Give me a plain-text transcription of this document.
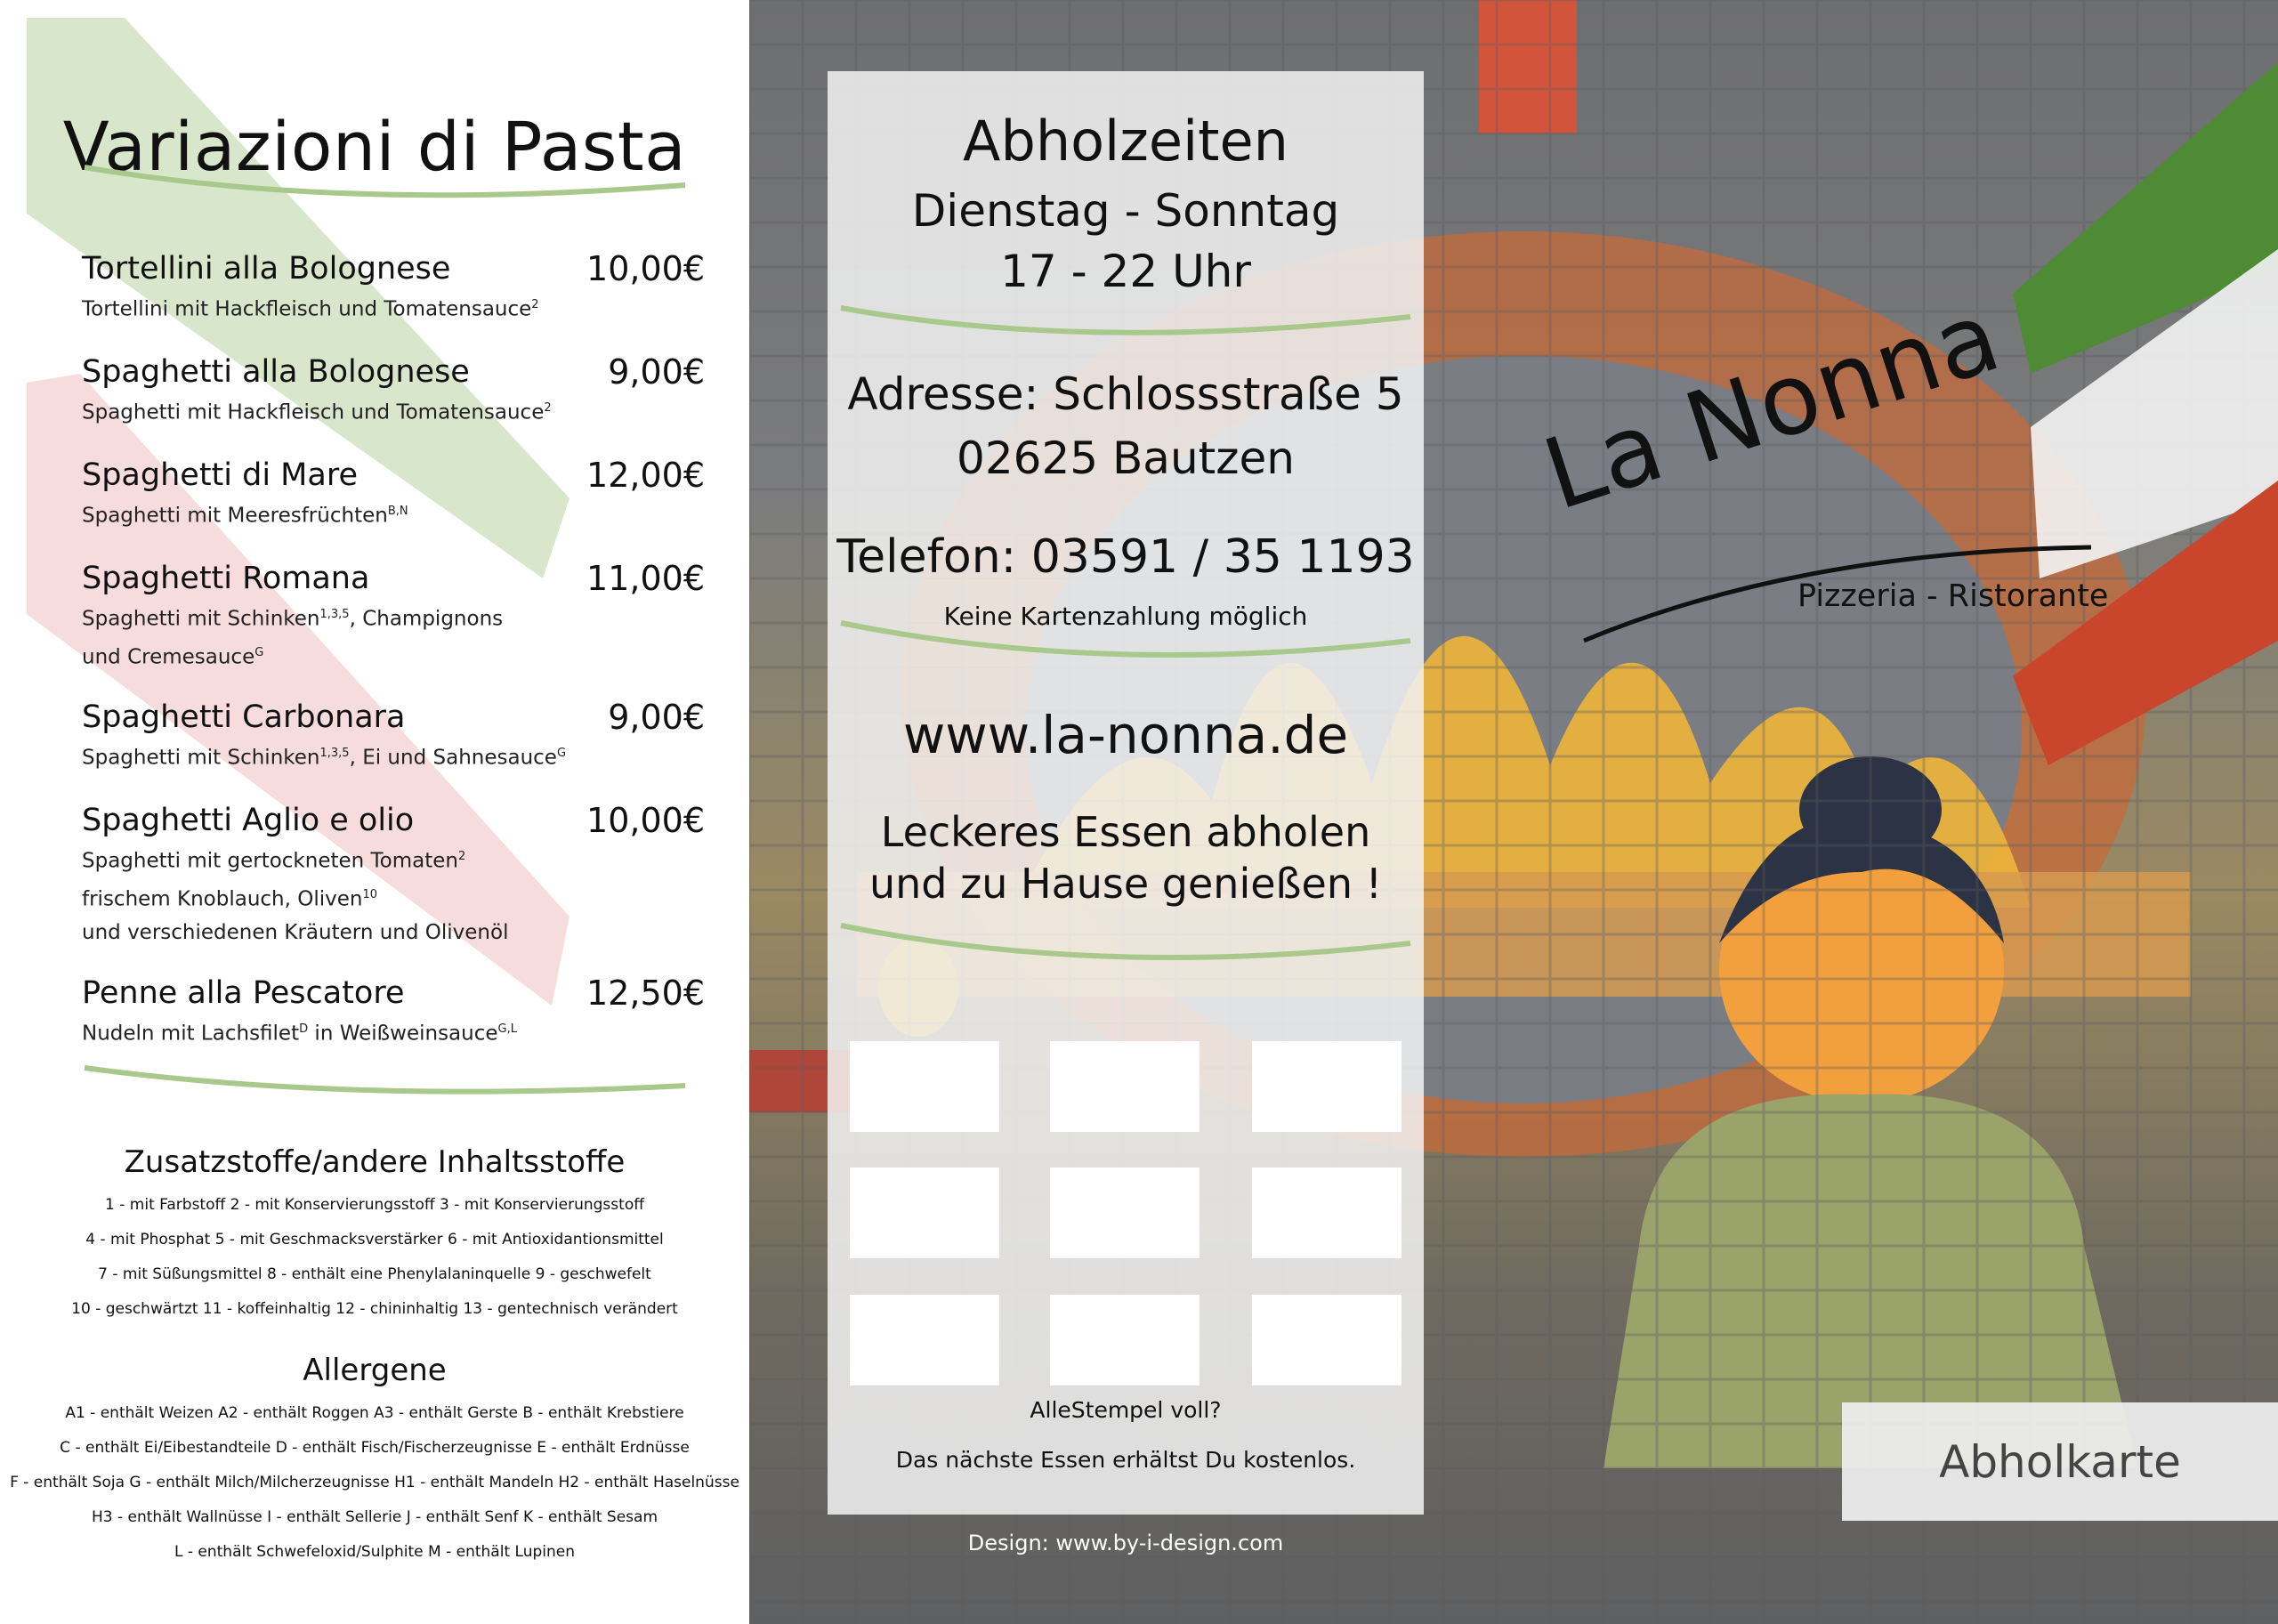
Variazioni di Pasta
Tortellini alla Bolognese	10,00€
Tortellini mit Hackfleisch und Tomatensauce$^2$
Spaghetti alla Bolognese	9,00€
Spaghetti mit Hackfleisch und Tomatensauce$^2$
Spaghetti di Mare	12,00€
Spaghetti mit Meeresfrüchten$^{B,N}$
Spaghetti Romana	11,00€
Spaghetti mit Schinken$^{1,3,5}$, Champignons
und Cremesauce$^G$
Spaghetti Carbonara	9,00€
Spaghetti mit Schinken$^{1,3,5}$, Ei und Sahnesauce$^G$
Spaghetti Aglio e olio	10,00€
Spaghetti mit gertockneten Tomaten$^2$
frischem Knoblauch, Oliven$^{10}$
und verschiedenen Kräutern und Olivenöl
Penne alla Pescatore	12,50€
Nudeln mit Lachsfilet$^D$ in Weißweinsauce$^{G,L}$
Zusatzstoffe/andere Inhaltsstoffe
1 - mit Farbstoff 2 - mit Konservierungsstoff 3 - mit Konservierungsstoff
4 - mit Phosphat 5 - mit Geschmacksverstärker 6 - mit Antioxidantionsmittel
7 - mit Süßungsmittel 8 - enthält eine Phenylalaninquelle 9 - geschwefelt
10 - geschwärtzt 11 - koffeinhaltig 12 - chininhaltig 13 - gentechnisch verändert
Allergene
A1 - enthält Weizen A2 - enthält Roggen A3 - enthält Gerste B - enthält Krebstiere
C - enthält Ei/Eibestandteile D - enthält Fisch/Fischerzeugnisse E - enthält Erdnüsse
F - enthält Soja G - enthält Milch/Milcherzeugnisse H1 - enthält Mandeln H2 - enthält Haselnüsse
H3 - enthält Wallnüsse I - enthält Sellerie J - enthält Senf K - enthält Sesam
L - enthält Schwefeloxid/Sulphite M - enthält Lupinen
Abholzeiten
Dienstag - Sonntag
17 - 22 Uhr
Adresse: Schlossstraße 5
02625 Bautzen
Telefon: 03591 / 35 1193
Keine Kartenzahlung möglich
www.la-nonna.de
Leckeres Essen abholen
und zu Hause genießen !
AlleStempel voll?
Das nächste Essen erhältst Du kostenlos.
La Nonna
Pizzeria - Ristorante
Abholkarte
Design: www.by-i-design.com
